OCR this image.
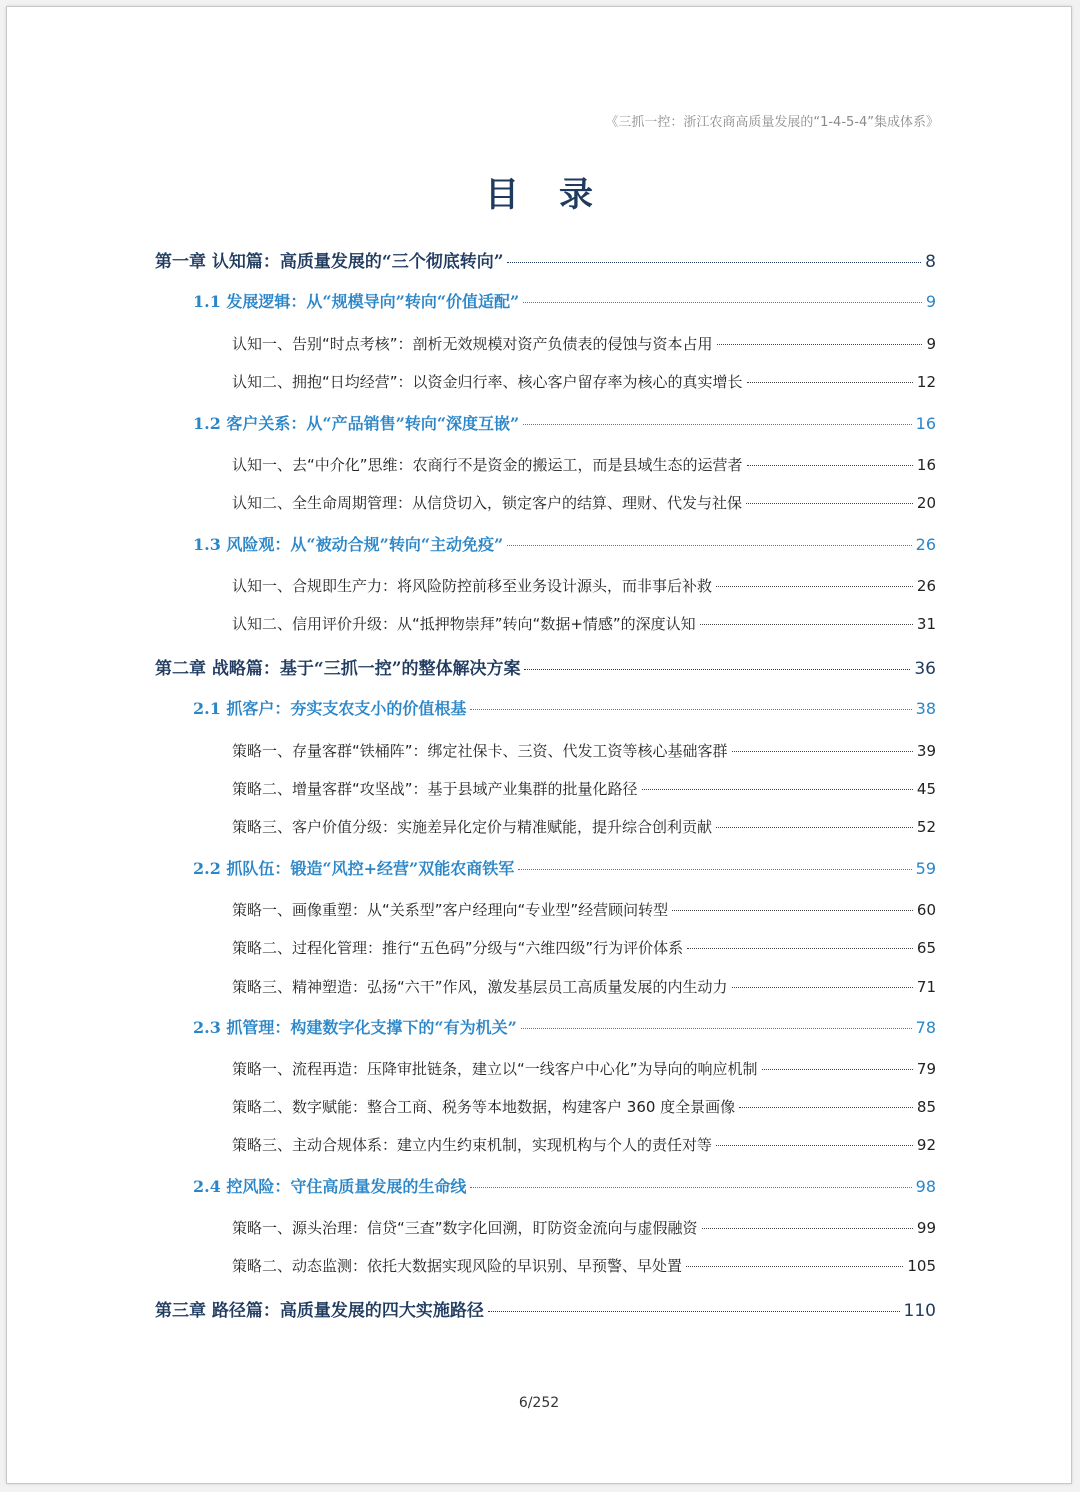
《三抓一控：浙江农商高质量发展的“1-4-5-4”集成体系》
目录
第一章 认知篇：高质量发展的“三个彻底转向”	8
1.1 发展逻辑：从“规模导向”转向“价值适配”	9
认知一、告别“时点考核”：剖析无效规模对资产负债表的侵蚀与资本占用	9
认知二、拥抱“日均经营”：以资金归行率、核心客户留存率为核心的真实增长	12
1.2 客户关系：从“产品销售”转向“深度互嵌”	16
认知一、去“中介化”思维：农商行不是资金的搬运工，而是县域生态的运营者	16
认知二、全生命周期管理：从信贷切入，锁定客户的结算、理财、代发与社保	20
1.3 风险观：从“被动合规”转向“主动免疫”	26
认知一、合规即生产力：将风险防控前移至业务设计源头，而非事后补救	26
认知二、信用评价升级：从“抵押物崇拜”转向“数据+情感”的深度认知	31
第二章 战略篇：基于“三抓一控”的整体解决方案	36
2.1 抓客户：夯实支农支小的价值根基	38
策略一、存量客群“铁桶阵”：绑定社保卡、三资、代发工资等核心基础客群	39
策略二、增量客群“攻坚战”：基于县域产业集群的批量化路径	45
策略三、客户价值分级：实施差异化定价与精准赋能，提升综合创利贡献	52
2.2 抓队伍：锻造“风控+经营”双能农商铁军	59
策略一、画像重塑：从“关系型”客户经理向“专业型”经营顾问转型	60
策略二、过程化管理：推行“五色码”分级与“六维四级”行为评价体系	65
策略三、精神塑造：弘扬“六干”作风，激发基层员工高质量发展的内生动力	71
2.3 抓管理：构建数字化支撑下的“有为机关”	78
策略一、流程再造：压降审批链条，建立以“一线客户中心化”为导向的响应机制	79
策略二、数字赋能：整合工商、税务等本地数据，构建客户 360 度全景画像	85
策略三、主动合规体系：建立内生约束机制，实现机构与个人的责任对等	92
2.4 控风险：守住高质量发展的生命线	98
策略一、源头治理：信贷“三查”数字化回溯，盯防资金流向与虚假融资	99
策略二、动态监测：依托大数据实现风险的早识别、早预警、早处置	105
第三章 路径篇：高质量发展的四大实施路径	110
6/252
